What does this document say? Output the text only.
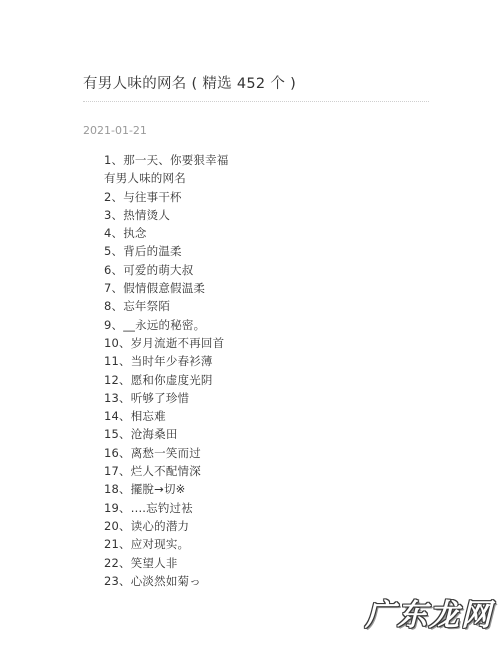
有男人味的网名 ( 精选 452 个 )
2021-01-21
1、那一天、你要狠幸福
有男人味的网名
2、与往事干杯
3、热情烫人
4、执念
5、背后的温柔
6、可爱的萌大叔
7、假情假意假温柔
8、忘年祭陌
9、__永远的秘密。
10、岁月流逝不再回首
11、当时年少春衫薄
12、愿和你虚度光阴
13、听够了珍惜
14、相忘难
15、沧海桑田
16、离愁一笑而过
17、烂人不配情深
18、擺脫→切※
19、....忘钓过袪
20、读心的潜力
21、应对现实。
22、笑望人非
23、心淡然如菊っ
广东龙网
